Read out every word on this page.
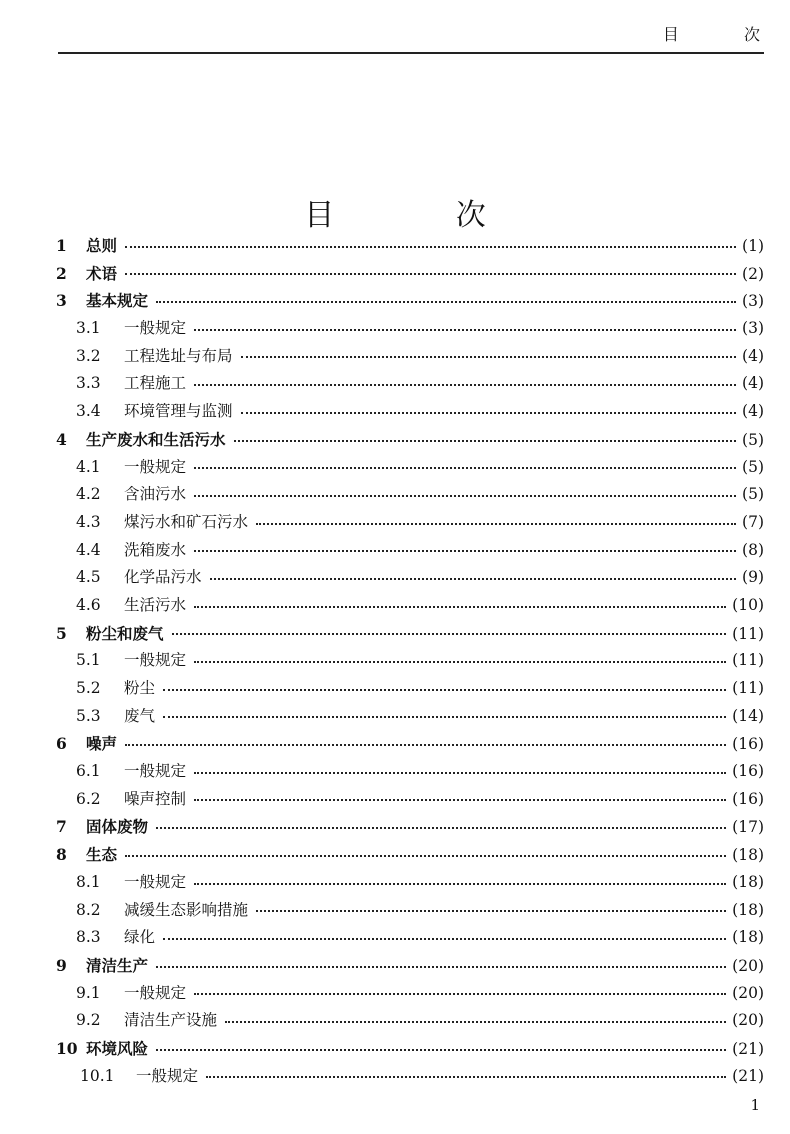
目 次
目 次
1	总则	(1)
2	术语	(2)
3	基本规定	(3)
3.1	一般规定	(3)
3.2	工程选址与布局	(4)
3.3	工程施工	(4)
3.4	环境管理与监测	(4)
4	生产废水和生活污水	(5)
4.1	一般规定	(5)
4.2	含油污水	(5)
4.3	煤污水和矿石污水	(7)
4.4	洗箱废水	(8)
4.5	化学品污水	(9)
4.6	生活污水	(10)
5	粉尘和废气	(11)
5.1	一般规定	(11)
5.2	粉尘	(11)
5.3	废气	(14)
6	噪声	(16)
6.1	一般规定	(16)
6.2	噪声控制	(16)
7	固体废物	(17)
8	生态	(18)
8.1	一般规定	(18)
8.2	减缓生态影响措施	(18)
8.3	绿化	(18)
9	清洁生产	(20)
9.1	一般规定	(20)
9.2	清洁生产设施	(20)
10 环境风险	(21)
10.1	一般规定	(21)
1
